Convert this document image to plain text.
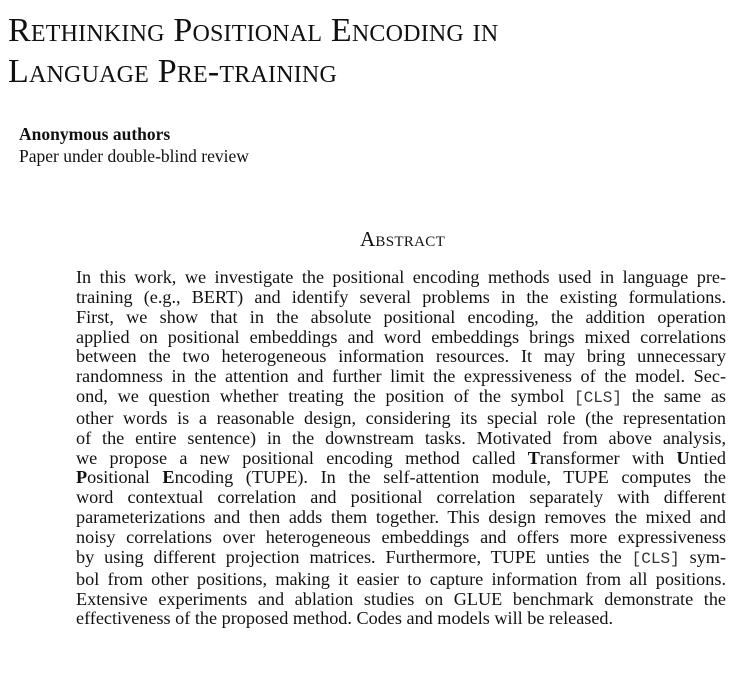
Rethinking Positional Encoding in
Language Pre-training
Anonymous authors
Paper under double-blind review
Abstract
In this work, we investigate the positional encoding methods used in language pre-
training (e.g., BERT) and identify several problems in the existing formulations.
First, we show that in the absolute positional encoding, the addition operation
applied on positional embeddings and word embeddings brings mixed correlations
between the two heterogeneous information resources. It may bring unnecessary
randomness in the attention and further limit the expressiveness of the model. Sec-
ond, we question whether treating the position of the symbol [CLS] the same as
other words is a reasonable design, considering its special role (the representation
of the entire sentence) in the downstream tasks. Motivated from above analysis,
we propose a new positional encoding method called Transformer with Untied
Positional Encoding (TUPE). In the self-attention module, TUPE computes the
word contextual correlation and positional correlation separately with different
parameterizations and then adds them together. This design removes the mixed and
noisy correlations over heterogeneous embeddings and offers more expressiveness
by using different projection matrices. Furthermore, TUPE unties the [CLS] sym-
bol from other positions, making it easier to capture information from all positions.
Extensive experiments and ablation studies on GLUE benchmark demonstrate the
effectiveness of the proposed method. Codes and models will be released.
